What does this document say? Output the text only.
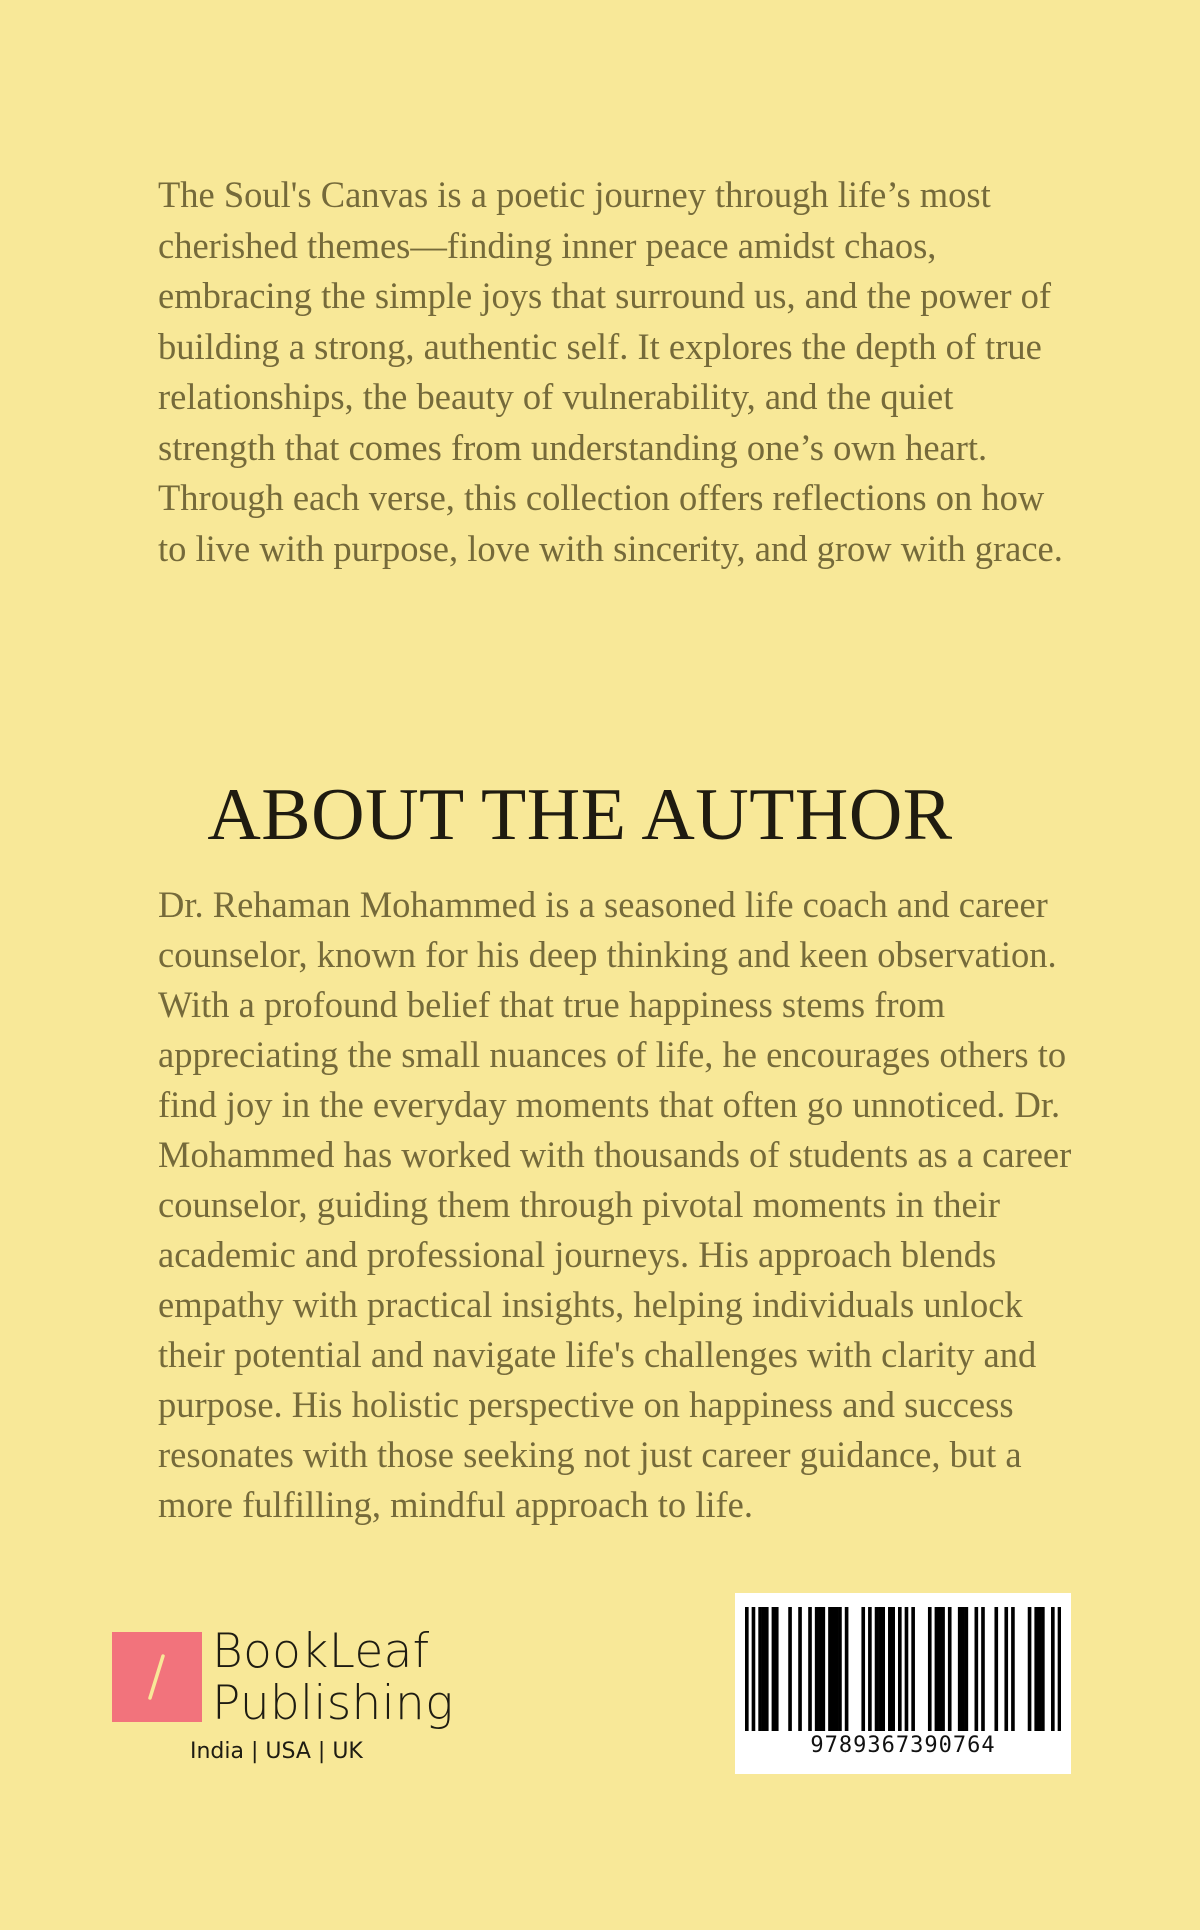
The Soul's Canvas is a poetic journey through life’s most cherished themes—finding inner peace amidst chaos, embracing the simple joys that surround us, and the power of building a strong, authentic self. It explores the depth of true relationships, the beauty of vulnerability, and the quiet strength that comes from understanding one’s own heart. Through each verse, this collection offers reflections on how to live with purpose, love with sincerity, and grow with grace.

ABOUT THE AUTHOR

Dr. Rehaman Mohammed is a seasoned life coach and career counselor, known for his deep thinking and keen observation. With a profound belief that true happiness stems from appreciating the small nuances of life, he encourages others to find joy in the everyday moments that often go unnoticed. Dr. Mohammed has worked with thousands of students as a career counselor, guiding them through pivotal moments in their academic and professional journeys. His approach blends empathy with practical insights, helping individuals unlock their potential and navigate life's challenges with clarity and purpose. His holistic perspective on happiness and success resonates with those seeking not just career guidance, but a more fulfilling, mindful approach to life.

BookLeaf
Publishing
India | USA | UK	9789367390764
